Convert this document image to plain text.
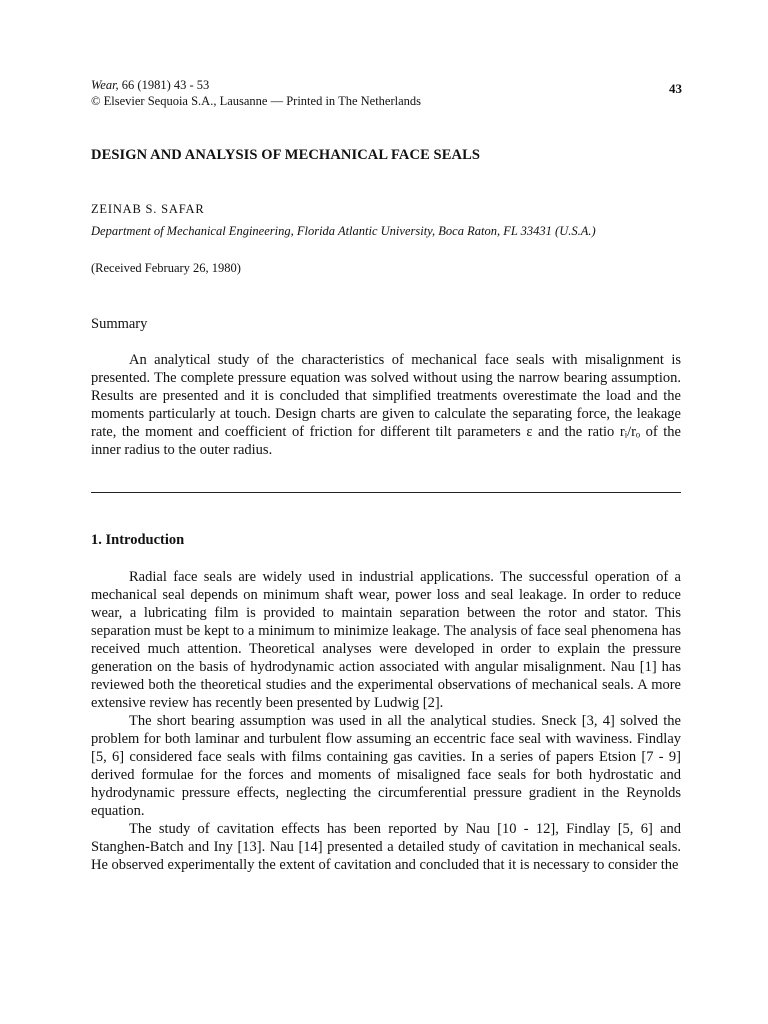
Wear, 66 (1981) 43 - 53
© Elsevier Sequoia S.A., Lausanne — Printed in The Netherlands
43
DESIGN AND ANALYSIS OF MECHANICAL FACE SEALS
ZEINAB S. SAFAR
Department of Mechanical Engineering, Florida Atlantic University, Boca Raton, FL 33431 (U.S.A.)
(Received February 26, 1980)
Summary

An analytical study of the characteristics of mechanical face seals with misalignment is presented. The complete pressure equation was solved without using the narrow bearing assumption. Results are presented and it is concluded that simplified treatments overestimate the load and the moments particularly at touch. Design charts are given to calculate the separating force, the leakage rate, the moment and coefficient of friction for different tilt parameters ε and the ratio rᵢ/rₒ of the inner radius to the outer radius.

1. Introduction

Radial face seals are widely used in industrial applications. The successful operation of a mechanical seal depends on minimum shaft wear, power loss and seal leakage. In order to reduce wear, a lubricating film is provided to maintain separation between the rotor and stator. This separation must be kept to a minimum to minimize leakage. The analysis of face seal phenomena has received much attention. Theoretical analyses were developed in order to explain the pressure generation on the basis of hydrodynamic action associated with angular misalignment. Nau [1] has reviewed both the theoretical studies and the experimental observations of mechanical seals. A more extensive review has recently been presented by Ludwig [2].

The short bearing assumption was used in all the analytical studies. Sneck [3, 4] solved the problem for both laminar and turbulent flow assuming an eccentric face seal with waviness. Findlay [5, 6] considered face seals with films containing gas cavities. In a series of papers Etsion [7 - 9] derived formulae for the forces and moments of misaligned face seals for both hydrostatic and hydrodynamic pressure effects, neglecting the circumferential pressure gradient in the Reynolds equation.

The study of cavitation effects has been reported by Nau [10 - 12], Findlay [5, 6] and Stanghen-Batch and Iny [13]. Nau [14] presented a detailed study of cavitation in mechanical seals. He observed experimentally the extent of cavitation and concluded that it is necessary to consider the
